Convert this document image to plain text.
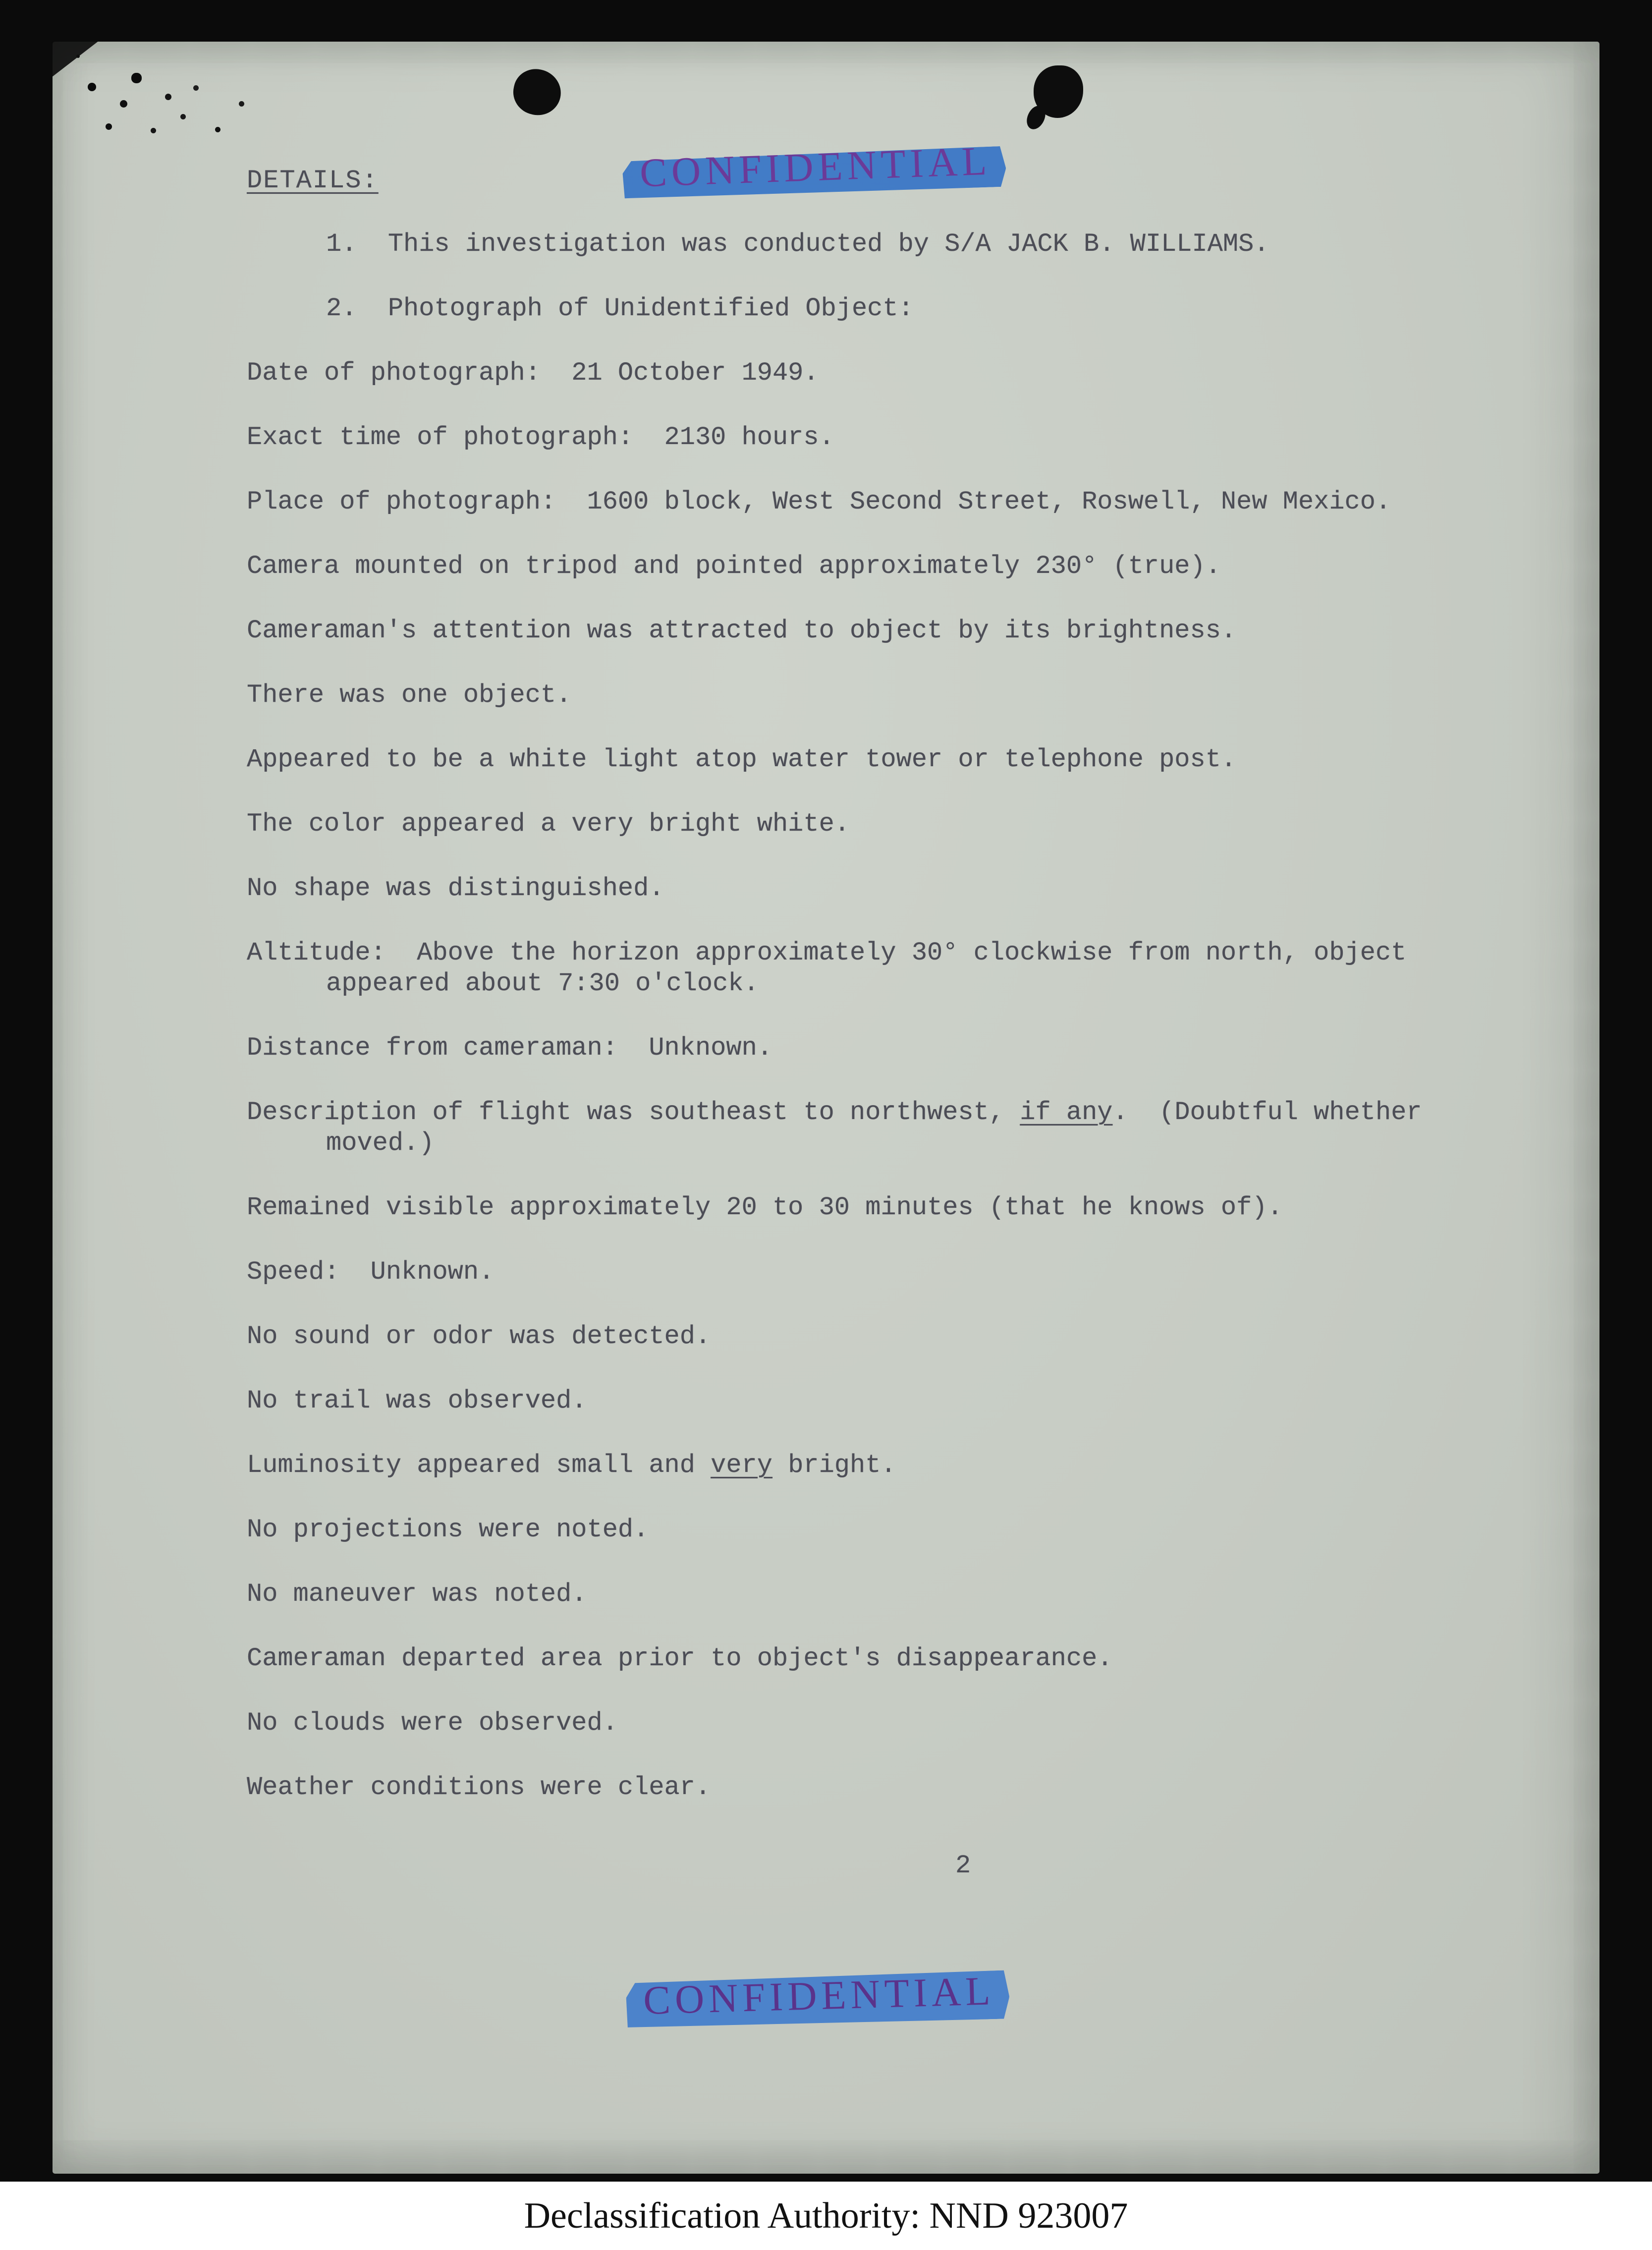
CONFIDENTIAL
DETAILS:
1.  This investigation was conducted by S/A JACK B. WILLIAMS.
2.  Photograph of Unidentified Object:
Date of photograph:  21 October 1949.
Exact time of photograph:  2130 hours.
Place of photograph:  1600 block, West Second Street, Roswell, New Mexico.
Camera mounted on tripod and pointed approximately 230° (true).
Cameraman's attention was attracted to object by its brightness.
There was one object.
Appeared to be a white light atop water tower or telephone post.
The color appeared a very bright white.
No shape was distinguished.
Altitude:  Above the horizon approximately 30° clockwise from north, object
appeared about 7:30 o'clock.
Distance from cameraman:  Unknown.
Description of flight was southeast to northwest, if any.  (Doubtful whether
moved.)
Remained visible approximately 20 to 30 minutes (that he knows of).
Speed:  Unknown.
No sound or odor was detected.
No trail was observed.
Luminosity appeared small and very bright.
No projections were noted.
No maneuver was noted.
Cameraman departed area prior to object's disappearance.
No clouds were observed.
Weather conditions were clear.
2
CONFIDENTIAL
Declassification Authority: NND 923007
